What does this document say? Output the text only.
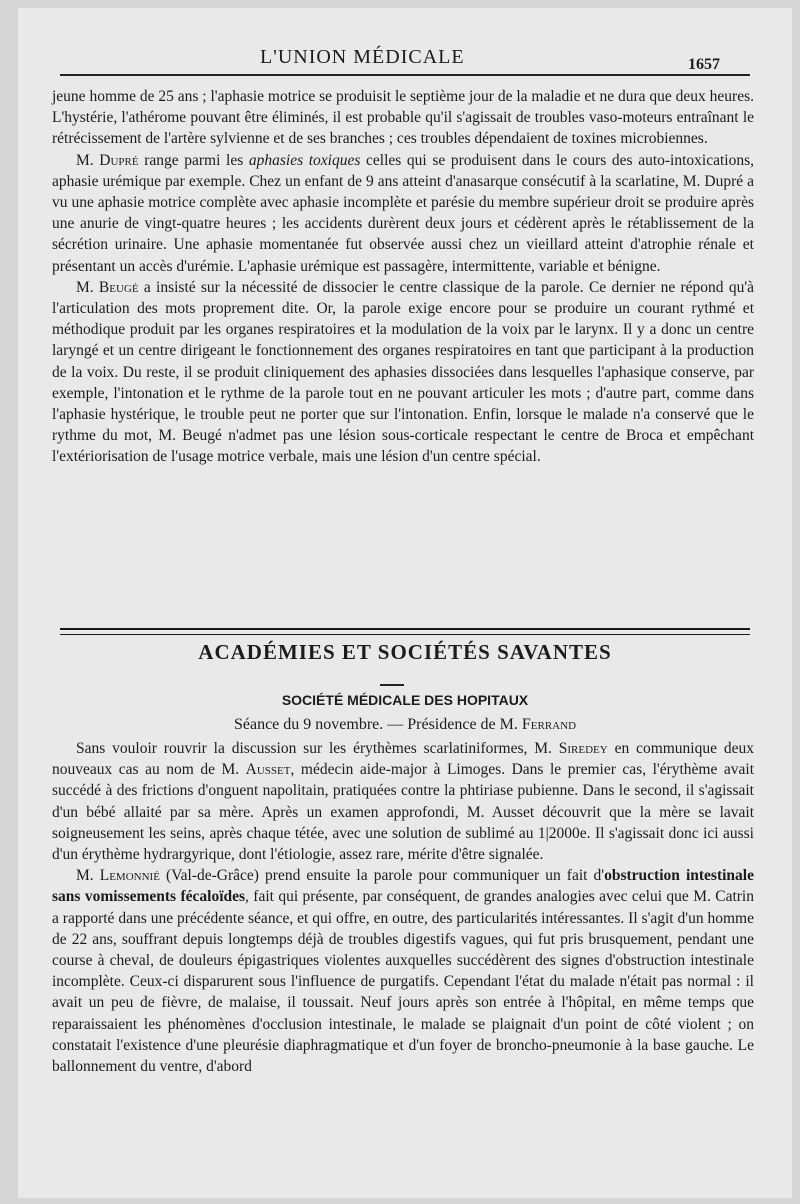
L'UNION MÉDICALE	1657

jeune homme de 25 ans ; l'aphasie motrice se produisit le septième jour de la maladie et ne dura que deux heures. L'hystérie, l'athérome pouvant être éliminés, il est probable qu'il s'agissait de troubles vaso-moteurs entraînant le rétrécissement de l'artère sylvienne et de ses branches ; ces troubles dépendaient de toxines microbiennes.

M. Dupré range parmi les aphasies toxiques celles qui se produisent dans le cours des auto-intoxications, aphasie urémique par exemple. Chez un enfant de 9 ans atteint d'anasarque consécutif à la scarlatine, M. Dupré a vu une aphasie motrice complète avec aphasie incomplète et parésie du membre supérieur droit se produire après une anurie de vingt-quatre heures ; les accidents durèrent deux jours et cédèrent après le rétablissement de la sécrétion urinaire. Une aphasie momentanée fut observée aussi chez un vieillard atteint d'atrophie rénale et présentant un accès d'urémie. L'aphasie urémique est passagère, intermittente, variable et bénigne.

M. Beugé a insisté sur la nécessité de dissocier le centre classique de la parole. Ce dernier ne répond qu'à l'articulation des mots proprement dite. Or, la parole exige encore pour se produire un courant rythmé et méthodique produit par les organes respiratoires et la modulation de la voix par le larynx. Il y a donc un centre laryngé et un centre dirigeant le fonctionnement des organes respiratoires en tant que participant à la production de la voix. Du reste, il se produit cliniquement des aphasies dissociées dans lesquelles l'aphasique conserve, par exemple, l'intonation et le rythme de la parole tout en ne pouvant articuler les mots ; d'autre part, comme dans l'aphasie hystérique, le trouble peut ne porter que sur l'intonation. Enfin, lorsque le malade n'a conservé que le rythme du mot, M. Beugé n'admet pas une lésion sous-corticale respectant le centre de Broca et empêchant l'extériorisation de l'usage motrice verbale, mais une lésion d'un centre spécial.

ACADÉMIES ET SOCIÉTÉS SAVANTES
SOCIÉTÉ MÉDICALE DES HOPITAUX
Séance du 9 novembre. — Présidence de M. Ferrand

Sans vouloir rouvrir la discussion sur les érythèmes scarlatiniformes, M. Siredey en communique deux nouveaux cas au nom de M. Ausset, médecin aide-major à Limoges. Dans le premier cas, l'érythème avait succédé à des frictions d'onguent napolitain, pratiquées contre la phtiriase pubienne. Dans le second, il s'agissait d'un bébé allaité par sa mère. Après un examen approfondi, M. Ausset découvrit que la mère se lavait soigneusement les seins, après chaque tétée, avec une solution de sublimé au 1|2000e. Il s'agissait donc ici aussi d'un érythème hydrargyrique, dont l'étiologie, assez rare, mérite d'être signalée.

M. Lemonnié (Val-de-Grâce) prend ensuite la parole pour communiquer un fait d'obstruction intestinale sans vomissements fécaloïdes, fait qui présente, par conséquent, de grandes analogies avec celui que M. Catrin a rapporté dans une précédente séance, et qui offre, en outre, des particularités intéressantes. Il s'agit d'un homme de 22 ans, souffrant depuis longtemps déjà de troubles digestifs vagues, qui fut pris brusquement, pendant une course à cheval, de douleurs épigastriques violentes auxquelles succédèrent des signes d'obstruction intestinale incomplète. Ceux-ci disparurent sous l'influence de purgatifs. Cependant l'état du malade n'était pas normal : il avait un peu de fièvre, de malaise, il toussait. Neuf jours après son entrée à l'hôpital, en même temps que reparaissaient les phénomènes d'occlusion intestinale, le malade se plaignait d'un point de côté violent ; on constatait l'existence d'une pleurésie diaphragmatique et d'un foyer de broncho-pneumonie à la base gauche. Le ballonnement du ventre, d'abord
